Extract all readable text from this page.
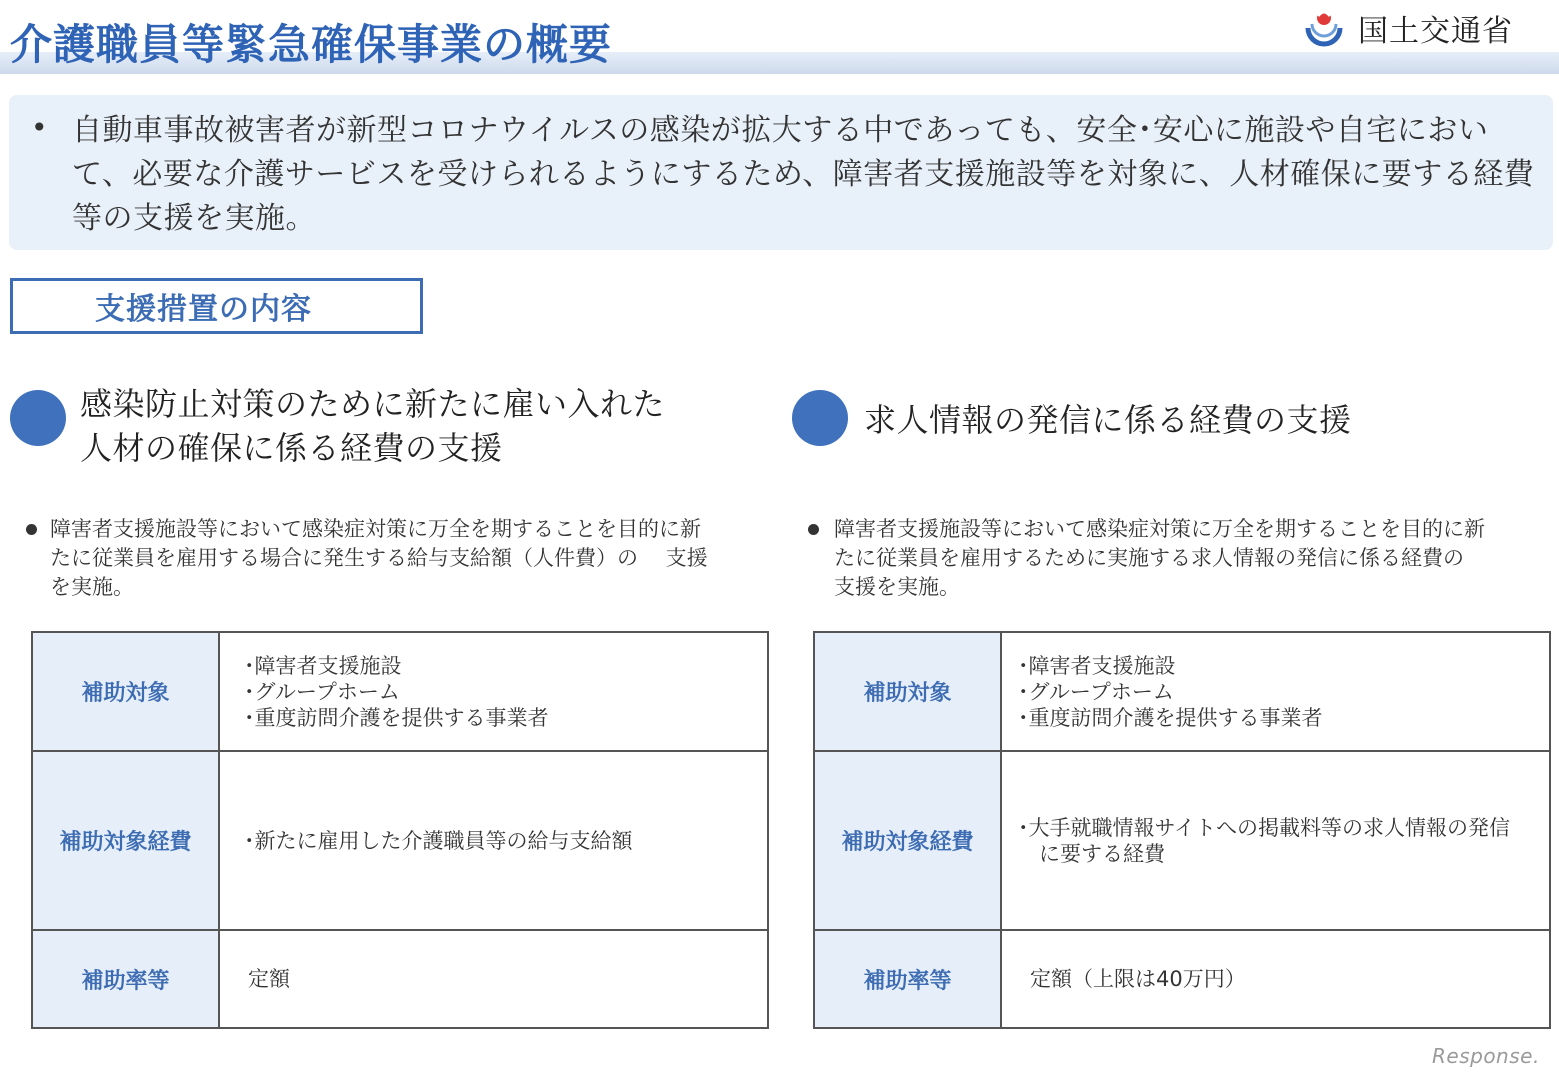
介護職員等緊急確保事業の概要	国土交通省
• 自動車事故被害者が新型コロナウイルスの感染が拡大する中であっても、安全･安心に施設や自宅において、必要な介護サービスを受けられるようにするため、障害者支援施設等を対象に、人材確保に要する経費等の支援を実施。
支援措置の内容
感染防止対策のために新たに雇い入れた
人材の確保に係る経費の支援
障害者支援施設等において感染症対策に万全を期することを目的に新
たに従業員を雇用する場合に発生する給与支給額（人件費）の　 支援
を実施。
補助対象	･障害者支援施設
･グループホーム
･重度訪問介護を提供する事業者

補助対象経費	･新たに雇用した介護職員等の給与支給額

補助率等	定額
求人情報の発信に係る経費の支援
障害者支援施設等において感染症対策に万全を期することを目的に新
たに従業員を雇用するために実施する求人情報の発信に係る経費の
支援を実施。
補助対象	･障害者支援施設
･グループホーム
･重度訪問介護を提供する事業者

補助対象経費	･大手就職情報サイトへの掲載料等の求人情報の発信
　に要する経費

補助率等	定額（上限は40万円）
Response.
